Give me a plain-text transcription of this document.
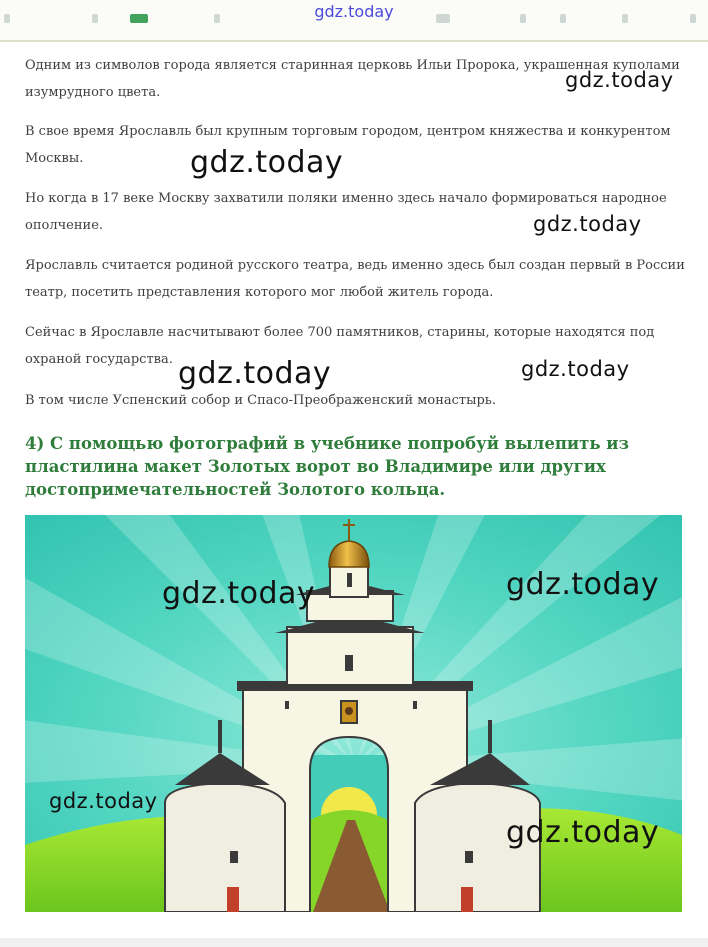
gdz.today

Одним из символов города является старинная церковь Ильи Пророка, украшенная куполами изумрудного цвета.

В свое время Ярославль был крупным торговым городом, центром княжества и конкурентом Москвы.

Но когда в 17 веке Москву захватили поляки именно здесь начало формироваться народное ополчение.

Ярославль считается родиной русского театра, ведь именно здесь был создан первый в России театр, посетить представления которого мог любой житель города.

Сейчас в Ярославле насчитывают более 700 памятников, старины, которые находятся под охраной государства.

В том числе Успенский собор и Спасо-Преображенский монастырь.

4) С помощью фотографий в учебнике попробуй вылепить из пластилина макет Золотых ворот во Владимире или других достопримечательностей Золотого кольца.
gdz.today
gdz.today
gdz.today
gdz.today	gdz.today
gdz.today	gdz.today
gdz.today
gdz.today
